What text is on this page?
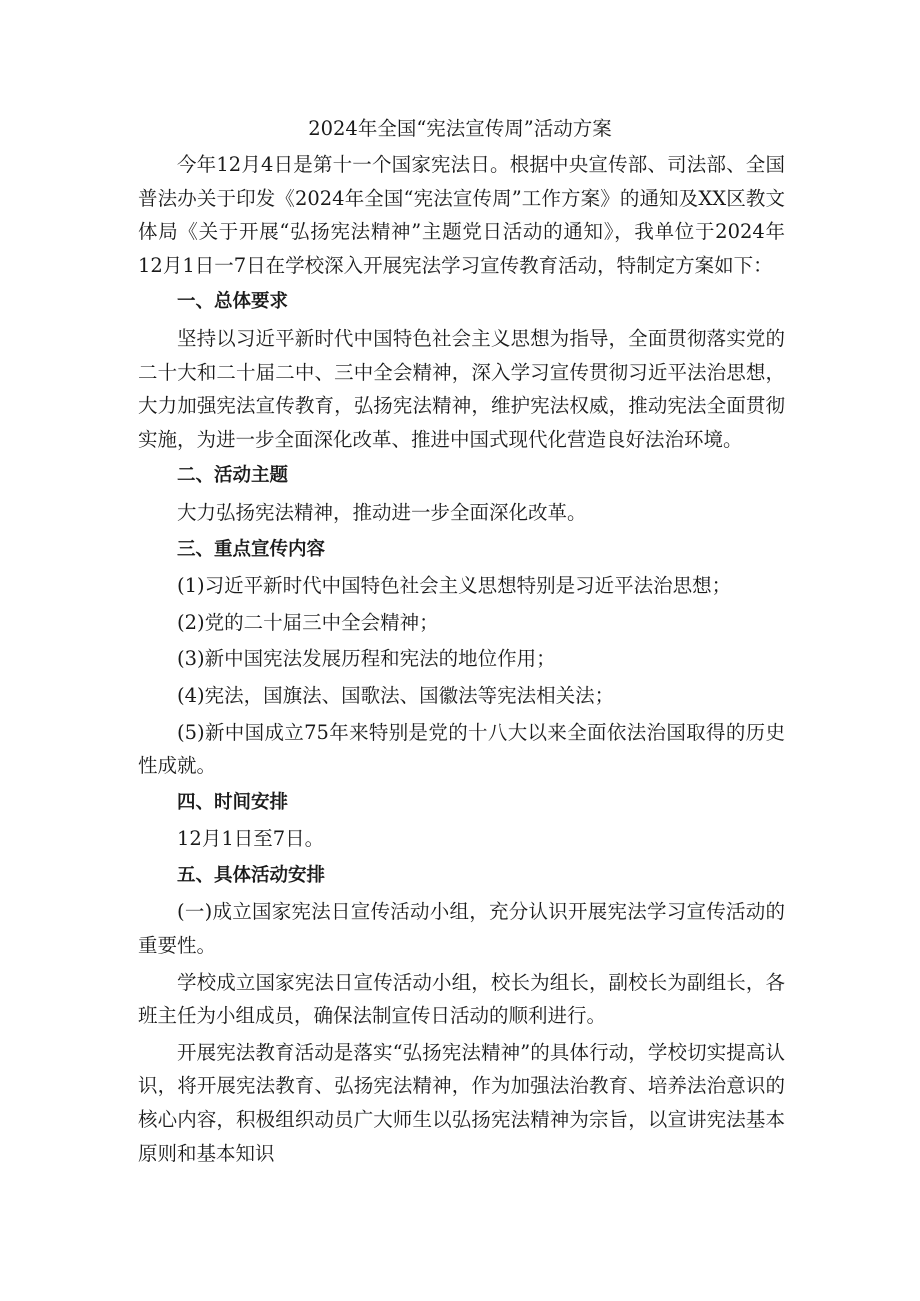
2024年全国“宪法宣传周”活动方案

今年12月4日是第十一个国家宪法日。根据中央宣传部、司法部、全国普法办关于印发《2024年全国“宪法宣传周”工作方案》的通知及XX区教文体局《关于开展“弘扬宪法精神”主题党日活动的通知》，我单位于2024年12月1日一7日在学校深入开展宪法学习宣传教育活动，特制定方案如下：

一、总体要求

坚持以习近平新时代中国特色社会主义思想为指导，全面贯彻落实党的二十大和二十届二中、三中全会精神，深入学习宣传贯彻习近平法治思想，大力加强宪法宣传教育，弘扬宪法精神，维护宪法权威，推动宪法全面贯彻实施，为进一步全面深化改革、推进中国式现代化营造良好法治环境。

二、活动主题

大力弘扬宪法精神，推动进一步全面深化改革。

三、重点宣传内容

(1)习近平新时代中国特色社会主义思想特别是习近平法治思想；

(2)党的二十届三中全会精神；

(3)新中国宪法发展历程和宪法的地位作用；

(4)宪法，国旗法、国歌法、国徽法等宪法相关法；

(5)新中国成立75年来特别是党的十八大以来全面依法治国取得的历史性成就。

四、时间安排

12月1日至7日。

五、具体活动安排

(一)成立国家宪法日宣传活动小组，充分认识开展宪法学习宣传活动的重要性。

学校成立国家宪法日宣传活动小组，校长为组长，副校长为副组长，各班主任为小组成员，确保法制宣传日活动的顺利进行。

开展宪法教育活动是落实“弘扬宪法精神”的具体行动，学校切实提高认识，将开展宪法教育、弘扬宪法精神，作为加强法治教育、培养法治意识的核心内容，积极组织动员广大师生以弘扬宪法精神为宗旨，以宣讲宪法基本原则和基本知识
